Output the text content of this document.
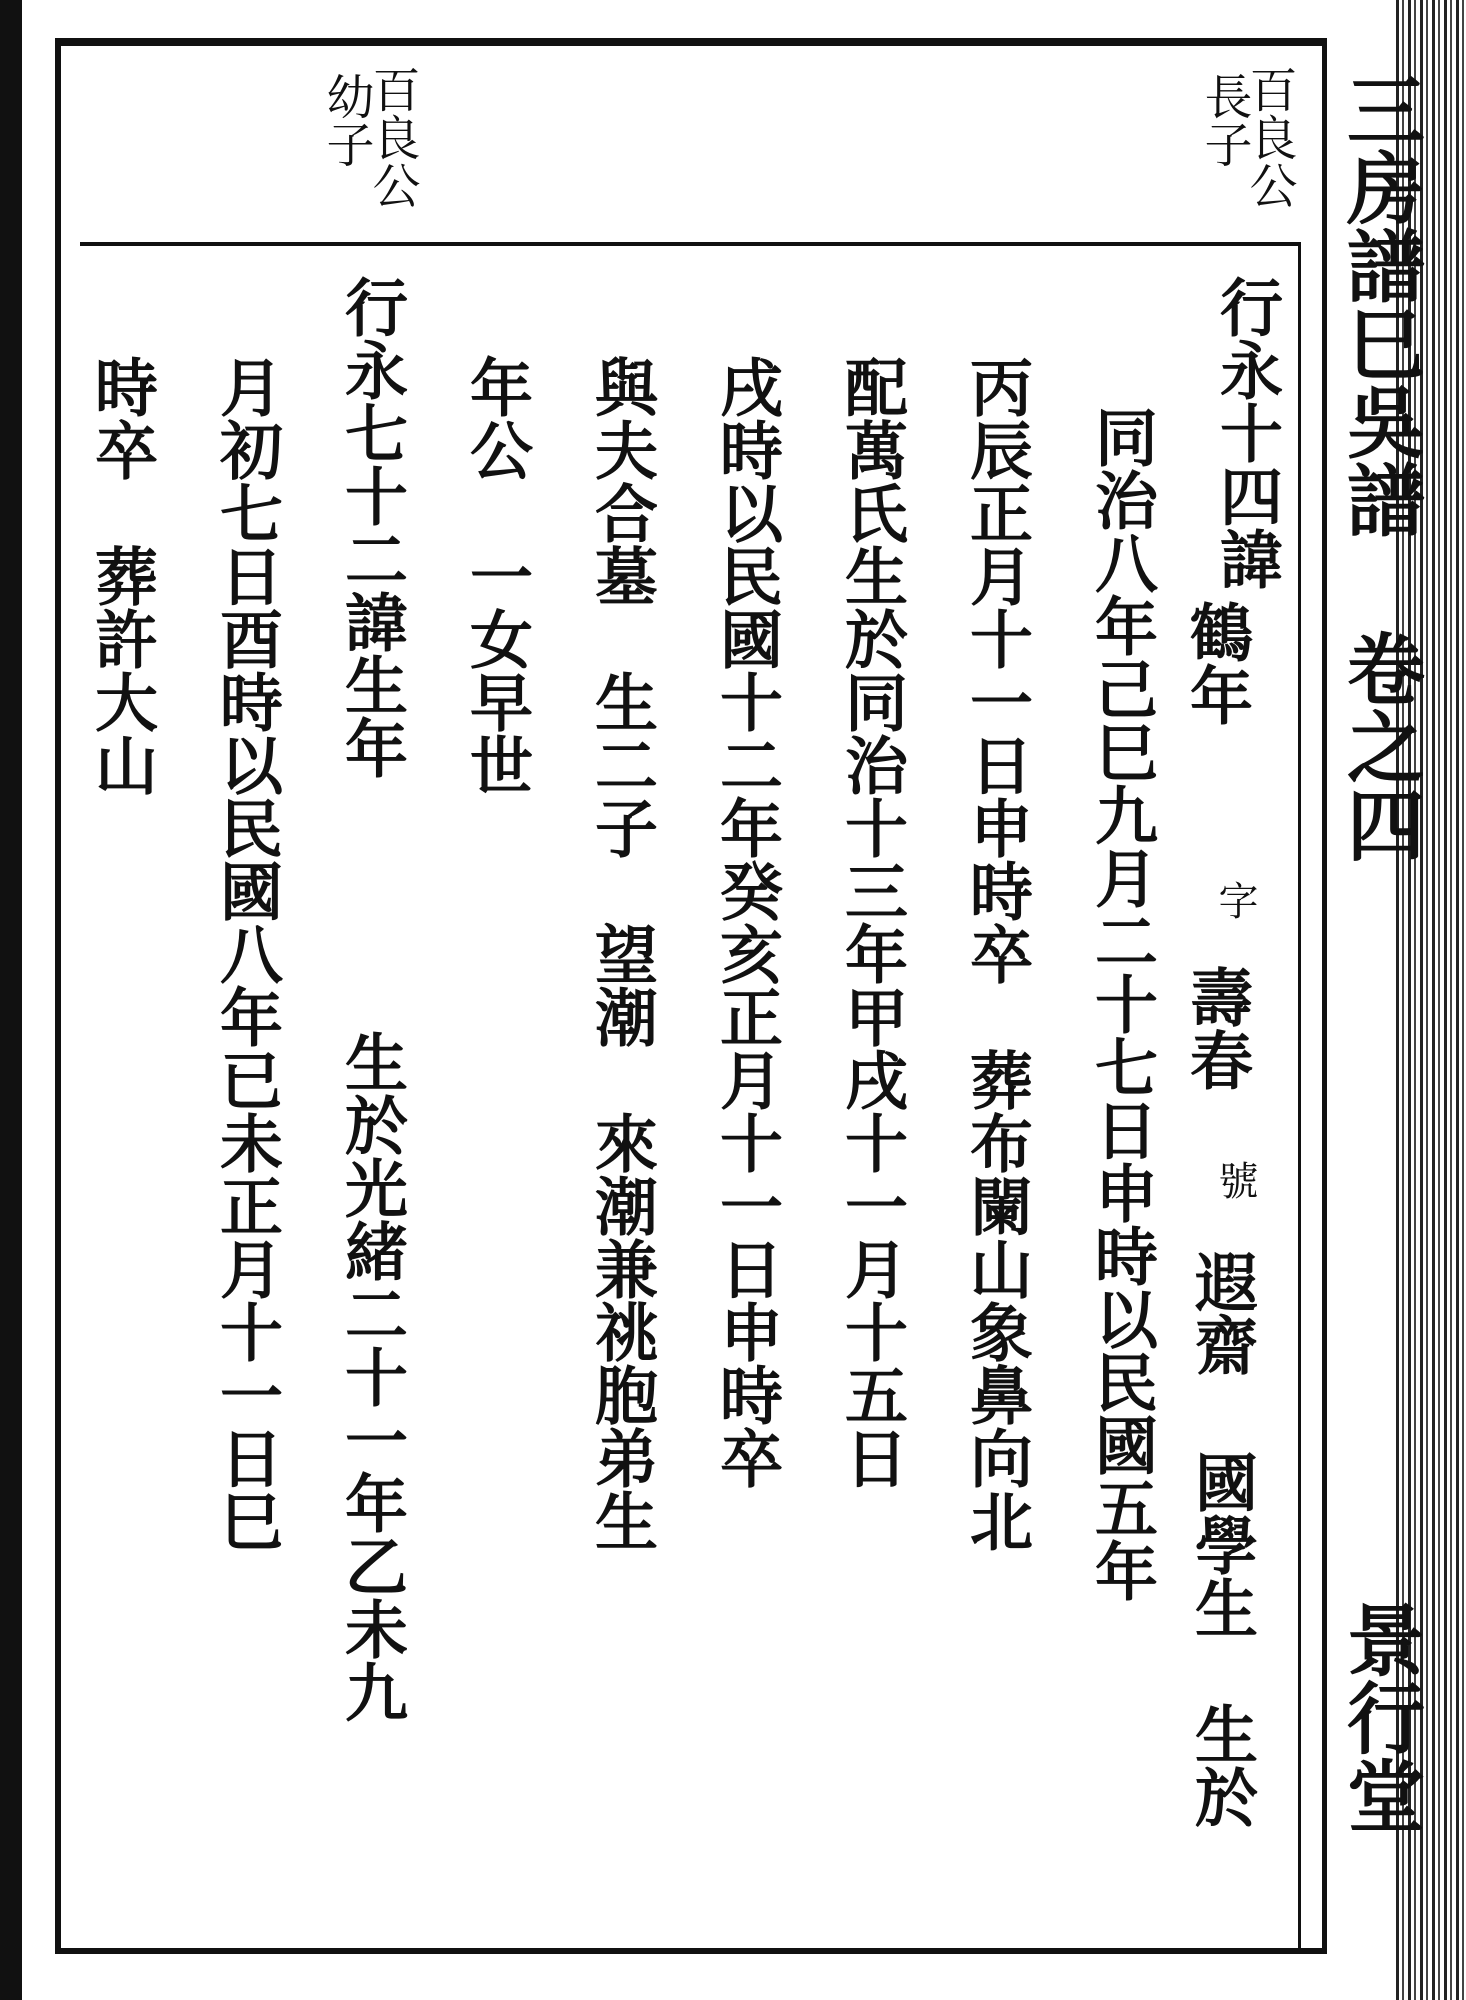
三房譜巳吳譜 卷之四
景行堂
百良公
長子
百良公
幼子
行永十四諱
鶴年
字
壽春
號
遐齋
國學生　生於
同治八年己巳九月二十七日申時以民國五年
丙辰正月十一日申時卒　葬布闌山象鼻向北
配萬氏生於同治十三年甲戌十一月十五日
戌時以民國十二年癸亥正月十一日申時卒
與夫合墓　生二子　望潮　來潮兼祧胞弟生
年公　一女早世
行永七十二諱生年
生於光緒二十一年乙未九
月初七日酉時以民國八年已未正月十一日巳
時卒　葬許大山
